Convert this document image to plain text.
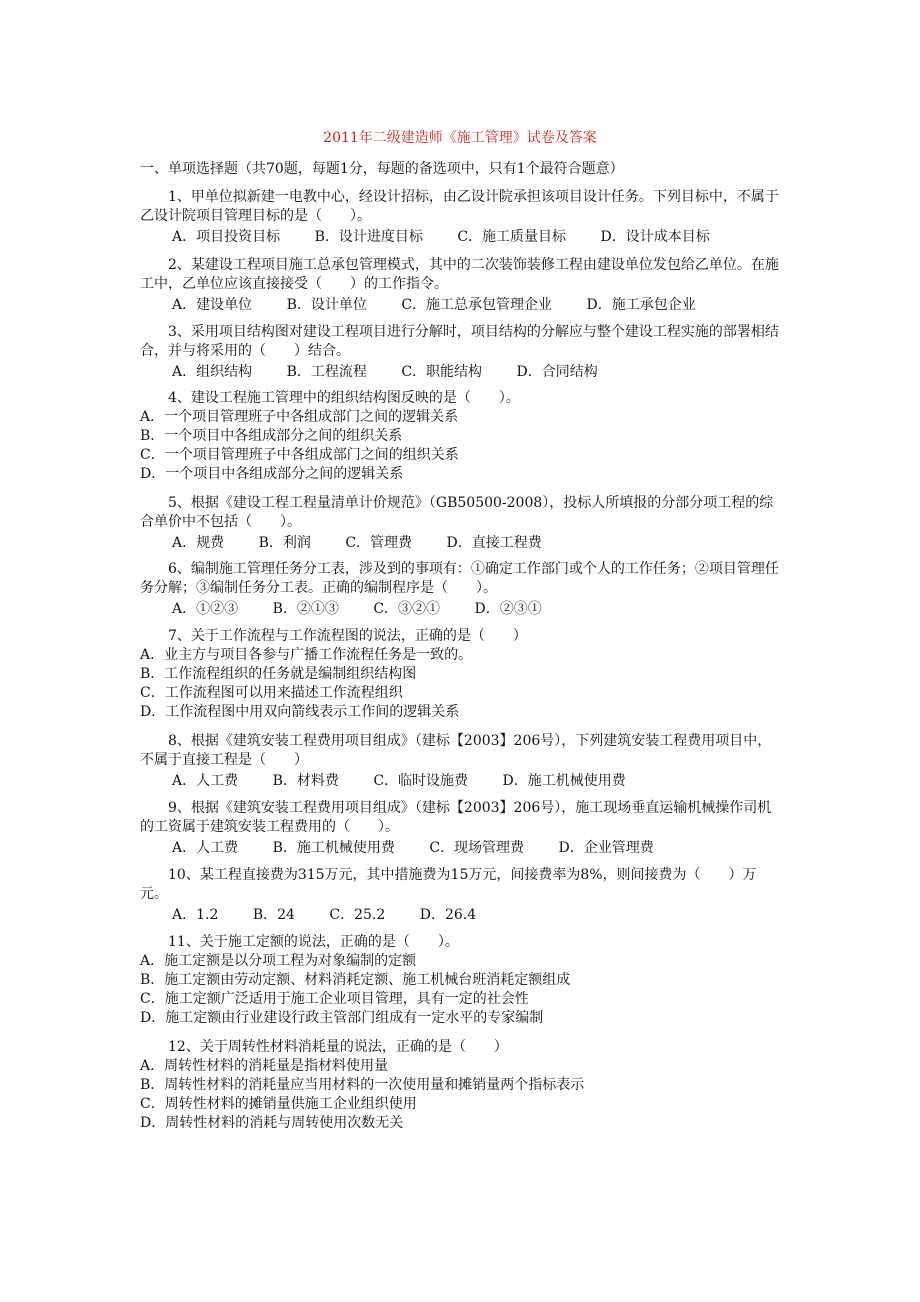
2011年二级建造师《施工管理》试卷及答案
一、单项选择题（共70题，每题1分，每题的备选项中，只有1个最符合题意）

1、甲单位拟新建一电教中心，经设计招标，由乙设计院承担该项目设计任务。下列目标中，不属于乙设计院项目管理目标的是（　　）。

A．项目投资目标 B．设计进度目标 C．施工质量目标 D．设计成本目标

2、某建设工程项目施工总承包管理模式，其中的二次装饰装修工程由建设单位发包给乙单位。在施工中，乙单位应该直接接受（　　）的工作指令。

A．建设单位 B．设计单位 C．施工总承包管理企业 D．施工承包企业

3、采用项目结构图对建设工程项目进行分解时，项目结构的分解应与整个建设工程实施的部署相结合，并与将采用的（　　）结合。

A．组织结构 B．工程流程 C．职能结构 D．合同结构

4、建设工程施工管理中的组织结构图反映的是（　　）。

A．一个项目管理班子中各组成部门之间的逻辑关系

B．一个项目中各组成部分之间的组织关系

C．一个项目管理班子中各组成部门之间的组织关系

D．一个项目中各组成部分之间的逻辑关系

5、根据《建设工程工程量清单计价规范》（GB50500-2008），投标人所填报的分部分项工程的综合单价中不包括（　　）。

A．规费 B．利润 C．管理费 D．直接工程费

6、编制施工管理任务分工表，涉及到的事项有：①确定工作部门或个人的工作任务；②项目管理任务分解；③编制任务分工表。正确的编制程序是（　　）。

A．①②③ B．②①③ C．③②① D．②③①

7、关于工作流程与工作流程图的说法，正确的是（　　）

A．业主方与项目各参与广播工作流程任务是一致的。

B．工作流程组织的任务就是编制组织结构图

C．工作流程图可以用来描述工作流程组织

D．工作流程图中用双向箭线表示工作间的逻辑关系

8、根据《建筑安装工程费用项目组成》（建标【2003】206号），下列建筑安装工程费用项目中，不属于直接工程是（　　）

A．人工费 B．材料费 C．临时设施费 D．施工机械使用费

9、根据《建筑安装工程费用项目组成》（建标【2003】206号），施工现场垂直运输机械操作司机的工资属于建筑安装工程费用的（　　）。

A．人工费 B．施工机械使用费 C．现场管理费 D．企业管理费

10、某工程直接费为315万元，其中措施费为15万元，间接费率为8%，则间接费为（　　）万元。

A．1.2 B．24 C．25.2 D．26.4

11、关于施工定额的说法，正确的是（　　）。

A．施工定额是以分项工程为对象编制的定额

B．施工定额由劳动定额、材料消耗定额、施工机械台班消耗定额组成

C．施工定额广泛适用于施工企业项目管理，具有一定的社会性

D．施工定额由行业建设行政主管部门组成有一定水平的专家编制

12、关于周转性材料消耗量的说法，正确的是（　　）

A．周转性材料的消耗量是指材料使用量

B．周转性材料的消耗量应当用材料的一次使用量和摊销量两个指标表示

C．周转性材料的摊销量供施工企业组织使用

D．周转性材料的消耗与周转使用次数无关
